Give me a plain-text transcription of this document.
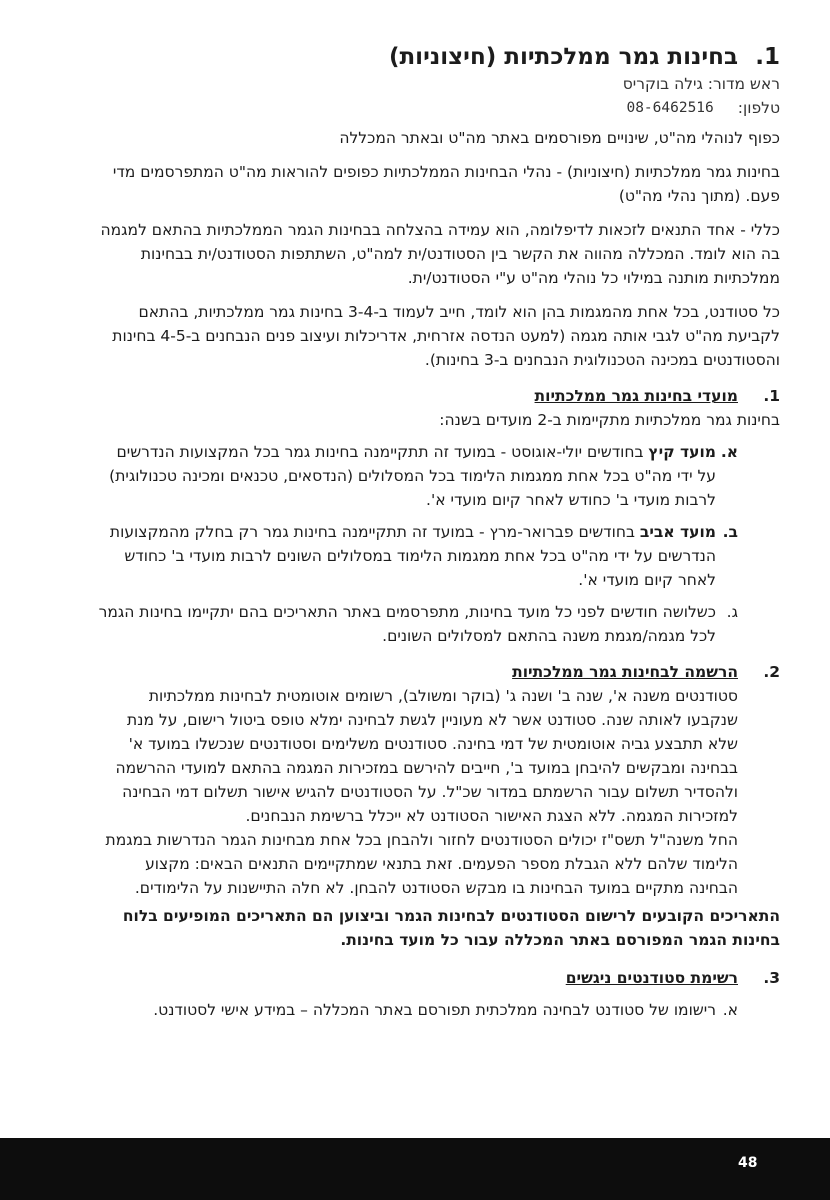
1.
בחינות גמר ממלכתיות (חיצוניות)

ראש מדור: גילה בוקריס

טלפון:

08-6462516

כפוף לנוהלי מה"ט, שינויים מפורסמים באתר מה"ט ובאתר המכללה

בחינות גמר ממלכתיות (חיצוניות) - נהלי הבחינות הממלכתיות כפופים להוראות מה"ט המתפרסמים מדי פעם. (מתוך נהלי מה"ט)

כללי - אחד התנאים לזכאות לדיפלומה, הוא עמידה בהצלחה בבחינות הגמר הממלכתיות בהתאם למגמה בה הוא לומד. המכללה מהווה את הקשר בין הסטודנט/ית למה"ט, השתתפות הסטודנט/ית בבחינות ממלכתיות מותנה במילוי כל נוהלי מה"ט ע"י הסטודנט/ית.

כל סטודנט, בכל אחת מהמגמות בהן הוא לומד, חייב לעמוד ב-3-4 בחינות גמר ממלכתיות, בהתאם לקביעת מה"ט לגבי אותה מגמה (למעט הנדסה אזרחית, אדריכלות ועיצוב פנים הנבחנים ב-4-5 בחינות והסטודנטים במכינה הטכנולוגית הנבחנים ב-3 בחינות).

1.
מועדי בחינות גמר ממלכתיות

בחינות גמר ממלכתיות מתקיימות ב-2 מועדים בשנה:

א.

מועד קיץ בחודשים יולי-אוגוסט - במועד זה תתקיימנה בחינות גמר בכל המקצועות הנדרשים על ידי מה"ט בכל אחת ממגמות הלימוד בכל המסלולים (הנדסאים, טכנאים ומכינה טכנולוגית) לרבות מועדי ב' כחודש לאחר קיום מועדי א'.

ב.

מועד אביב בחודשים פברואר-מרץ - במועד זה תתקיימנה בחינות גמר רק בחלק מהמקצועות הנדרשים על ידי מה"ט בכל אחת ממגמות הלימוד במסלולים השונים לרבות מועדי ב' כחודש לאחר קיום מועדי א'.

ג.

כשלושה חודשים לפני כל מועד בחינות, מתפרסמים באתר התאריכים בהם יתקיימו בחינות הגמר לכל מגמה/מגמת משנה בהתאם למסלולים השונים.

2.
הרשמה לבחינות גמר ממלכתיות

סטודנטים משנה א', שנה ב' ושנה ג' (בוקר ומשולב), רשומים אוטומטית לבחינות ממלכתיות שנקבעו לאותה שנה. סטודנט אשר לא מעוניין לגשת לבחינה ימלא טופס ביטול רישום, על מנת שלא תתבצע גביה אוטומטית של דמי בחינה. סטודנטים משלימים וסטודנטים שנכשלו במועד א' בבחינה ומבקשים להיבחן במועד ב', חייבים להירשם במזכירות המגמה בהתאם למועדי ההרשמה ולהסדיר תשלום עבור הרשמתם במדור שכ"ל. על הסטודנטים להגיש אישור תשלום דמי הבחינה למזכירות המגמה. ללא הצגת האישור הסטודנט לא ייכלל ברשימת הנבחנים.

החל משנה"ל תשס"ז יכולים הסטודנטים לחזור ולהבחן בכל אחת מבחינות הגמר הנדרשות במגמת הלימוד שלהם ללא הגבלת מספר הפעמים. זאת בתנאי שמתקיימים התנאים הבאים: מקצוע הבחינה מתקיים במועד הבחינות בו מבקש הסטודנט להבחן. לא חלה התיישנות על הלימודים.

התאריכים הקובעים לרישום הסטודנטים לבחינות הגמר וביצוען הם התאריכים המופיעים בלוח בחינות הגמר המפורסם באתר המכללה עבור כל מועד בחינות.

3.
רשימת סטודנטים ניגשים
א.

רישומו של סטודנט לבחינה ממלכתית תפורסם באתר המכללה – במידע אישי לסטודנט.

48
